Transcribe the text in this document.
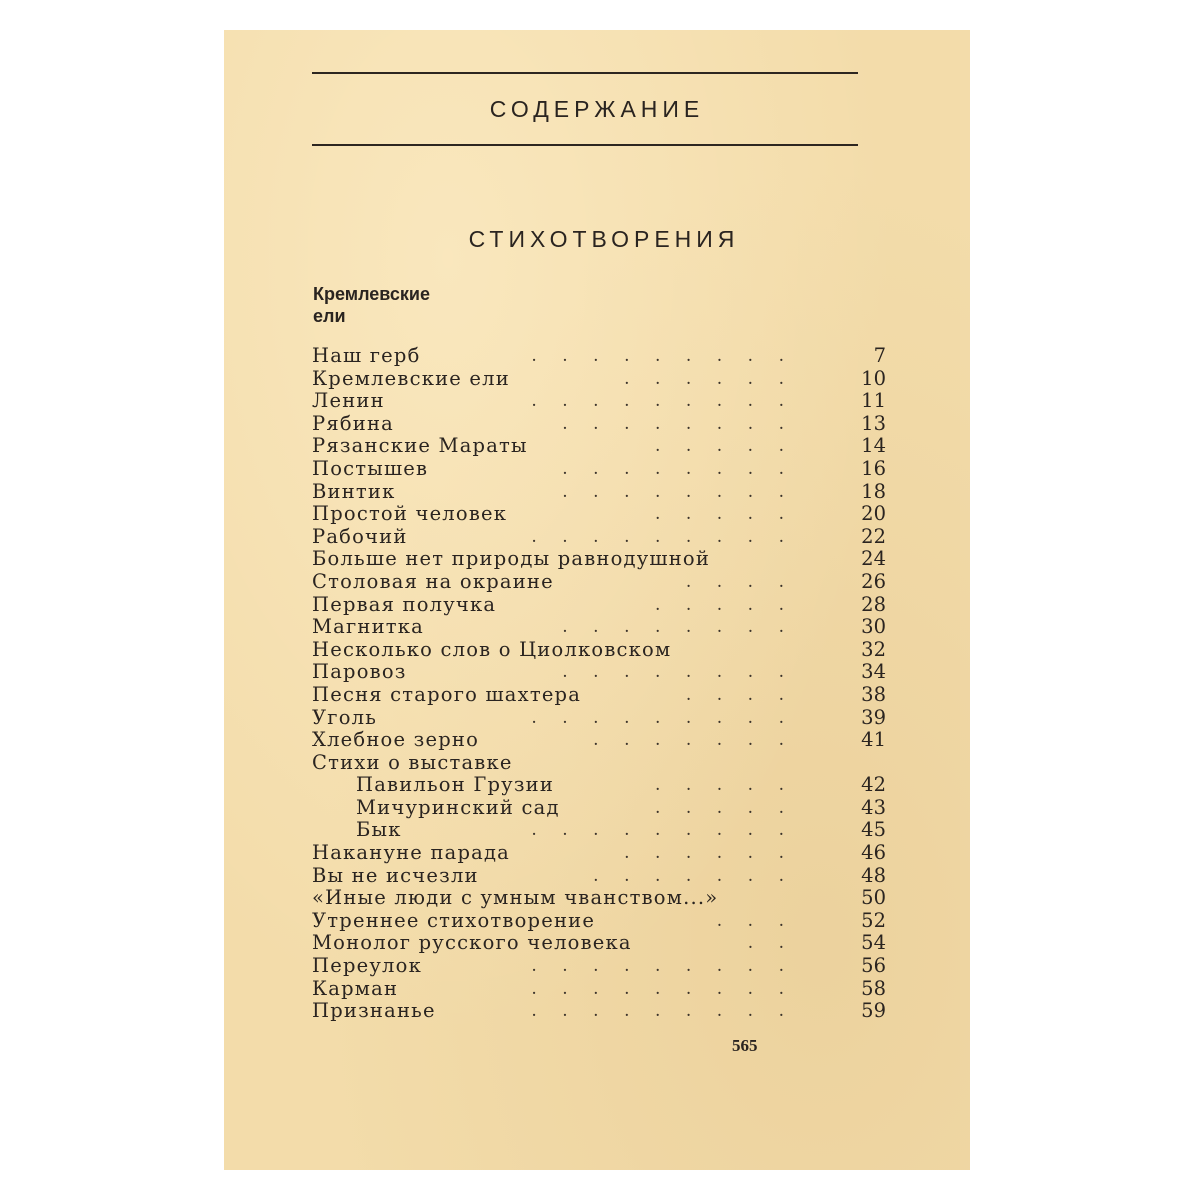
СОДЕРЖАНИЕ
СТИХОТВОРЕНИЯ
Кремлевские
ели
Наш герб	.  .  .  .  .  .  .  .  .	7
Кремлевские ели	.  .  .  .  .  .	10
Ленин	.  .  .  .  .  .  .  .  .	11
Рябина	.  .  .  .  .  .  .  .	13
Рязанские Мараты	.  .  .  .  .	14
Постышев	.  .  .  .  .  .  .  .	16
Винтик	.  .  .  .  .  .  .  .	18
Простой человек	.  .  .  .  .	20
Рабочий	.  .  .  .  .  .  .  .  .	22
Больше нет природы равнодушной	24
Столовая на окраине	.  .  .  .	26
Первая получка	.  .  .  .  .	28
Магнитка	.  .  .  .  .  .  .  .	30
Несколько слов о Циолковском	32
Паровоз	.  .  .  .  .  .  .  .	34
Песня старого шахтера	.  .  .  .	38
Уголь	.  .  .  .  .  .  .  .  .	39
Хлебное зерно	.  .  .  .  .  .  .	41
Стихи о выставке
Павильон Грузии	.  .  .  .  .	42
Мичуринский сад	.  .  .  .  .	43
Бык	.  .  .  .  .  .  .  .  .	45
Накануне парада	.  .  .  .  .  .	46
Вы не исчезли	.  .  .  .  .  .  .	48
«Иные люди с умным чванством...»	50
Утреннее стихотворение	.  .  .	52
Монолог русского человека	.  .	54
Переулок	.  .  .  .  .  .  .  .  .	56
Карман	.  .  .  .  .  .  .  .  .	58
Признанье	.  .  .  .  .  .  .  .  .	59
565
